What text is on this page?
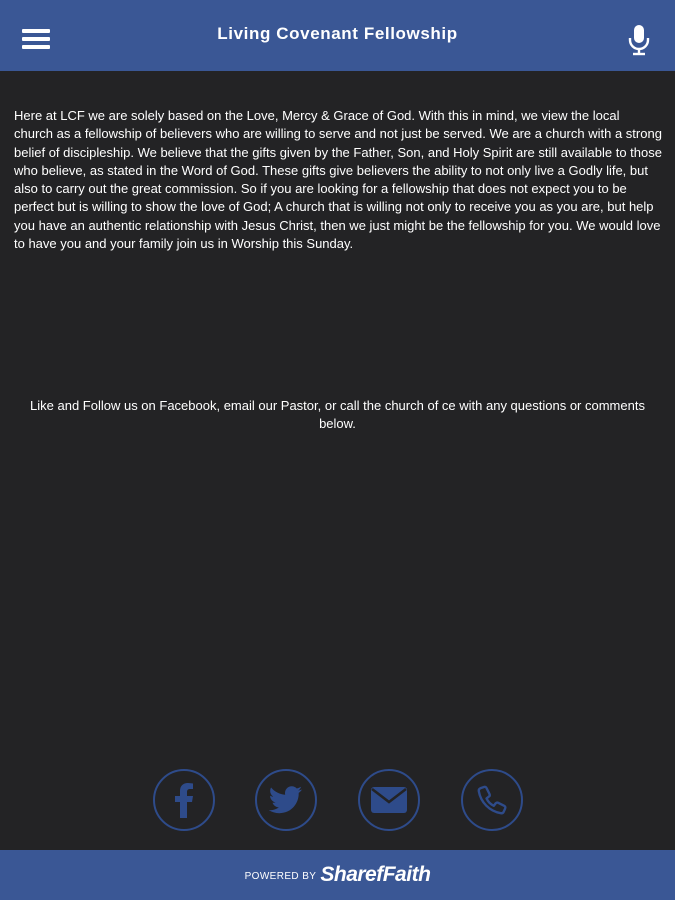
Living Covenant Fellowship
Here at LCF we are solely based on the Love, Mercy & Grace of God. With this in mind, we view the local church as a fellowship of believers who are willing to serve and not just be served. We are a church with a strong belief of discipleship. We believe that the gifts given by the Father, Son, and Holy Spirit are still available to those who believe, as stated in the Word of God. These gifts give believers the ability to not only live a Godly life, but also to carry out the great commission. So if you are looking for a fellowship that does not expect you to be perfect but is willing to show the love of God; A church that is willing not only to receive you as you are, but help you have an authentic relationship with Jesus Christ, then we just might be the fellowship for you. We would love to have you and your family join us in Worship this Sunday.
Like and Follow us on Facebook, email our Pastor, or call the church of ce with any questions or comments below.
POWERED BY SharefFaith
